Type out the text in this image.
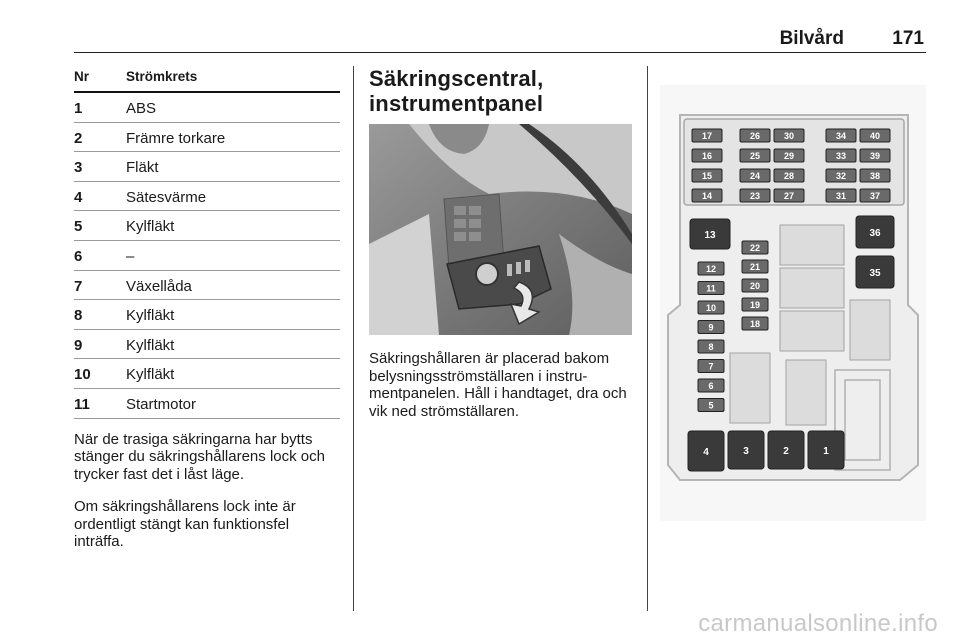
Bilvård	171
Nr	Strömkrets
1	ABS
2	Främre torkare
3	Fläkt
4	Sätesvärme
5	Kylfläkt
6	–
7	Växellåda
8	Kylfläkt
9	Kylfläkt
10 Kylfläkt
11 Startmotor

När de trasiga säkringarna har bytts stänger du säkringshållarens lock och trycker fast det i låst läge.

Om säkringshållarens lock inte är ordentligt stängt kan funktionsfel inträffa.

Säkringscentral,
instrumentpanel
Säkringshållaren är placerad bakom belysningsströmställaren i instru-mentpanelen. Håll i handtaget, dra och vik ned strömställaren.
17
16
15
14
26
25
24
23
30
29
28
27
34
33
32
31
40
39
38
37
12
11
10
9
8
7
6
5
22
21
20
19
18
13	36
35
4	3	2	1
carmanualsonline.info
